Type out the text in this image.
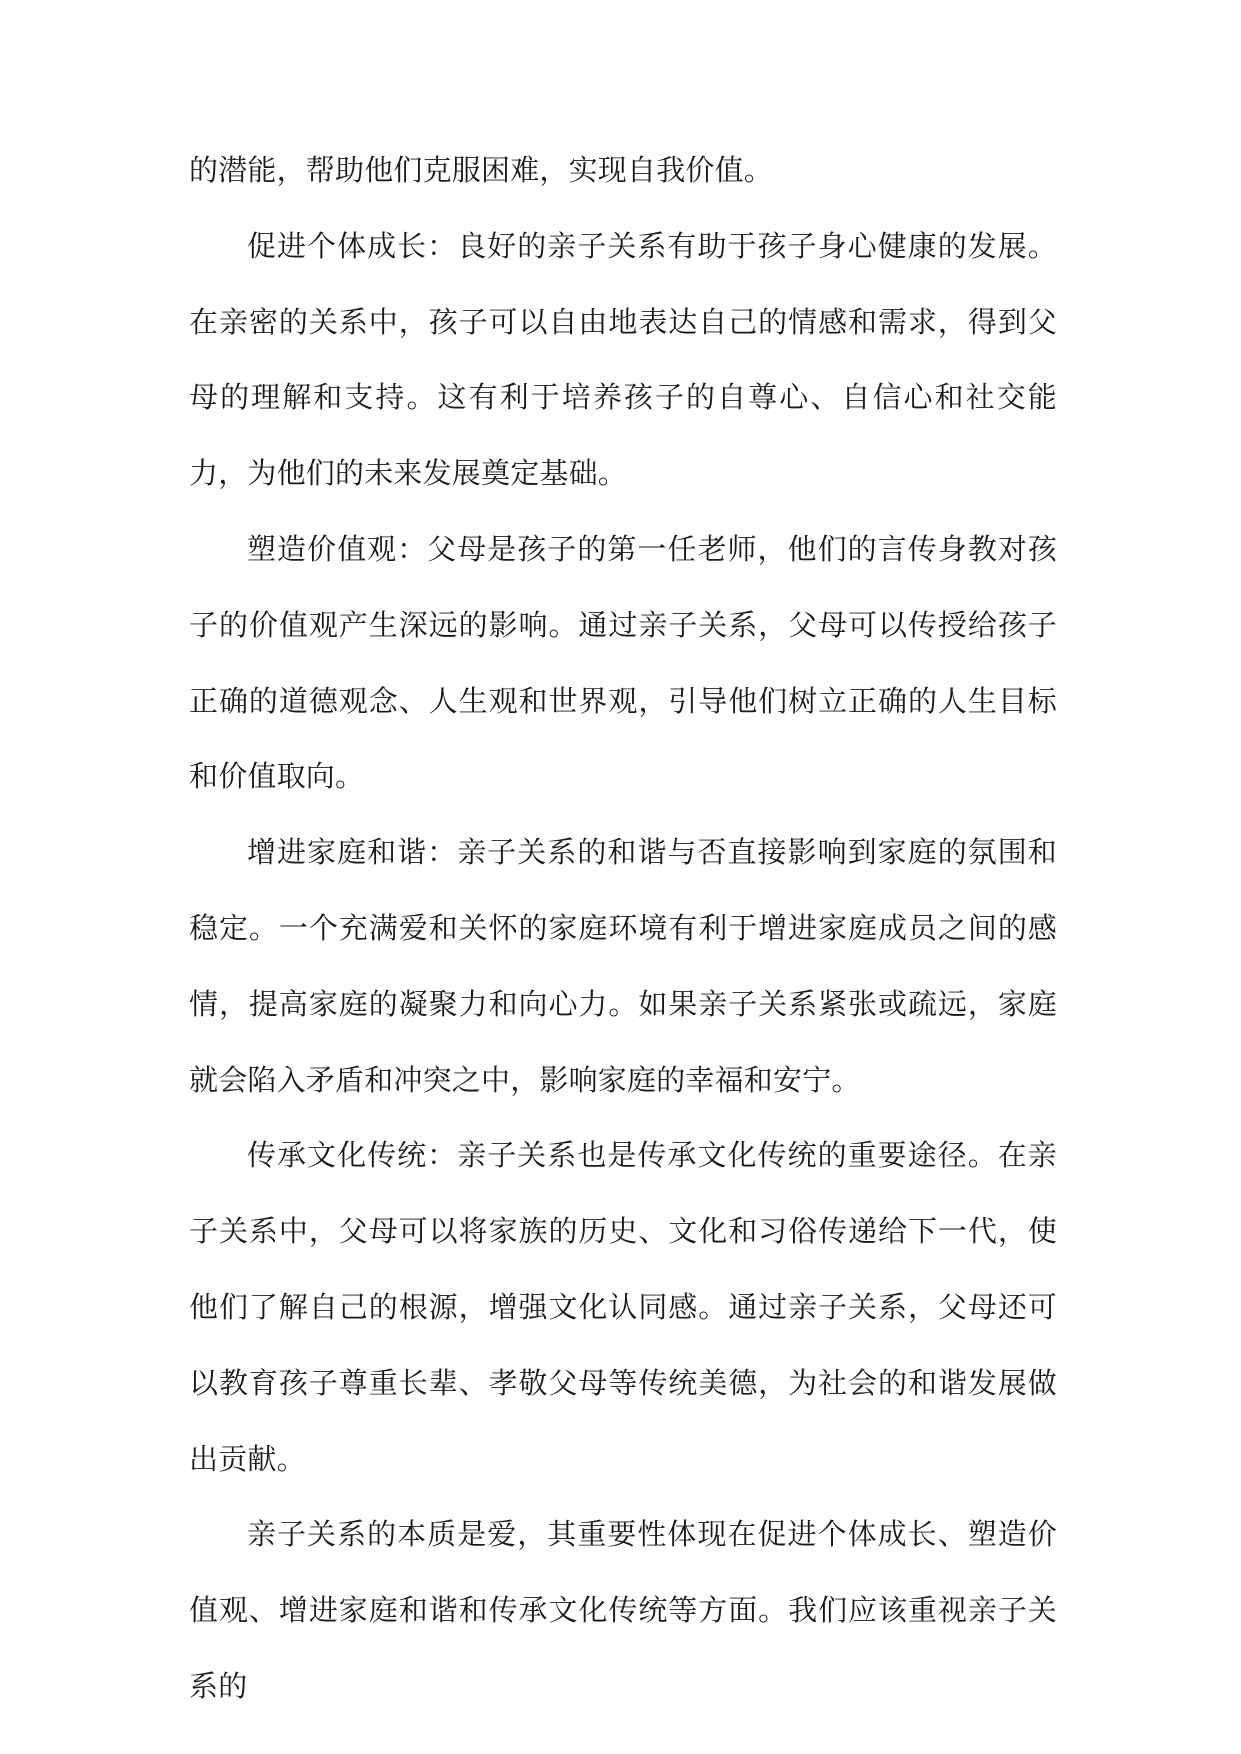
的潜能，帮助他们克服困难，实现自我价值。

促进个体成长：良好的亲子关系有助于孩子身心健康的发展。在亲密的关系中，孩子可以自由地表达自己的情感和需求，得到父母的理解和支持。这有利于培养孩子的自尊心、自信心和社交能力，为他们的未来发展奠定基础。

塑造价值观：父母是孩子的第一任老师，他们的言传身教对孩子的价值观产生深远的影响。通过亲子关系，父母可以传授给孩子正确的道德观念、人生观和世界观，引导他们树立正确的人生目标和价值取向。

增进家庭和谐：亲子关系的和谐与否直接影响到家庭的氛围和稳定。一个充满爱和关怀的家庭环境有利于增进家庭成员之间的感情，提高家庭的凝聚力和向心力。如果亲子关系紧张或疏远，家庭就会陷入矛盾和冲突之中，影响家庭的幸福和安宁。

传承文化传统：亲子关系也是传承文化传统的重要途径。在亲子关系中，父母可以将家族的历史、文化和习俗传递给下一代，使他们了解自己的根源，增强文化认同感。通过亲子关系，父母还可以教育孩子尊重长辈、孝敬父母等传统美德，为社会的和谐发展做出贡献。

亲子关系的本质是爱，其重要性体现在促进个体成长、塑造价值观、增进家庭和谐和传承文化传统等方面。我们应该重视亲子关系的
